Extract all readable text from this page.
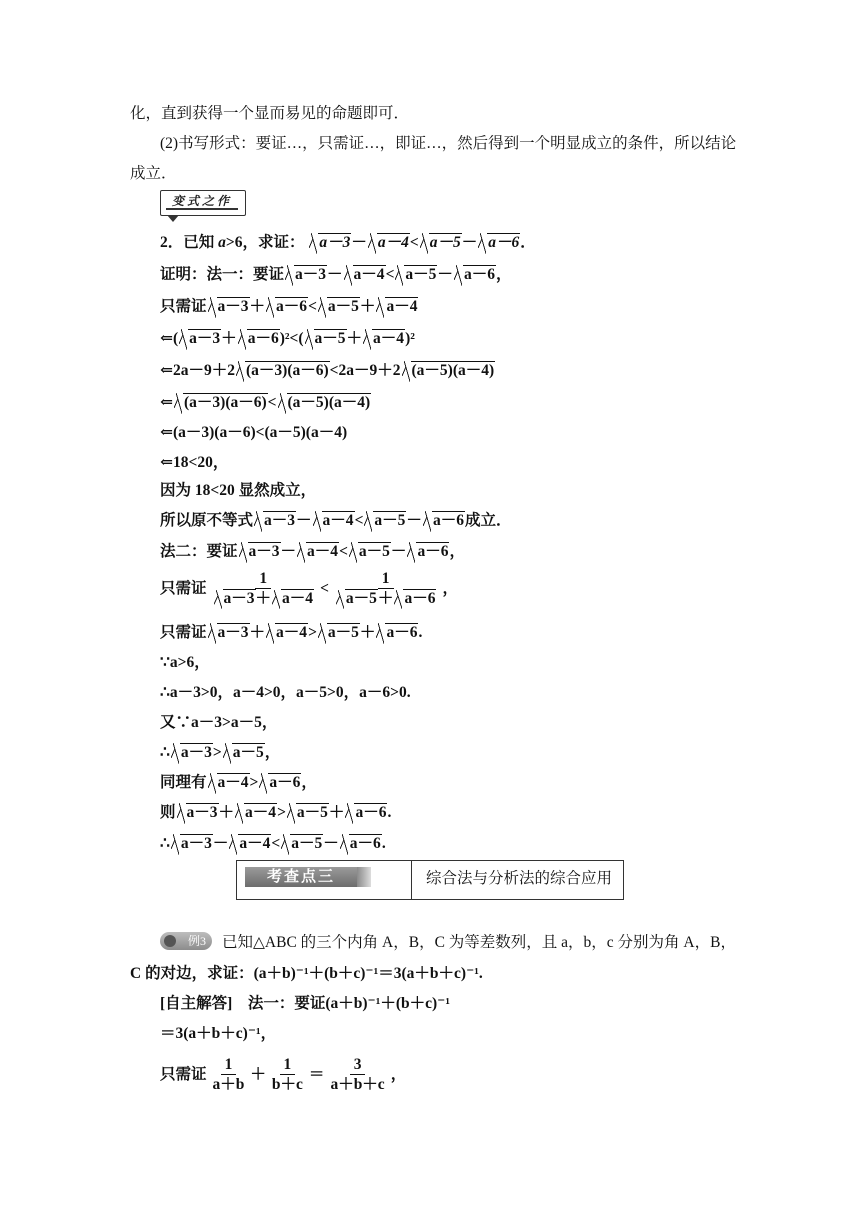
化，直到获得一个显而易见的命题即可．
(2)书写形式：要证…，只需证…，即证…，然后得到一个明显成立的条件，所以结论
成立．
变式之作
2．已知 a>6，求证： a－3－ a－4< a－5－ a－6．
证明：法一：要证 a－3－ a－4< a－5－ a－6，
只需证 a－3＋ a－6< a－5＋ a－4
⇐( a－3＋ a－6)²<( a－5＋ a－4)²
⇐2a－9＋2 (a－3)(a－6)<2a－9＋2 (a－5)(a－4)
⇐ (a－3)(a－6)< (a－5)(a－4)
⇐(a－3)(a－6)<(a－5)(a－4)
⇐18<20，
因为 18<20 显然成立，
所以原不等式 a－3－ a－4< a－5－ a－6成立．
法二：要证 a－3－ a－4< a－5－ a－6，
只需证 $\frac{1}{a-3+ a-4} < \frac{1}{a-5+ a-6}$ ，
只需证 a－3＋ a－4> a－5＋ a－6.
∵a>6，
∴a－3>0，a－4>0，a－5>0，a－6>0.
又∵a－3>a－5，
∴ a－3> a－5，
同理有 a－4> a－6，
则 a－3＋ a－4> a－5＋ a－6.
∴ a－3－ a－4< a－5－ a－6.
考查点三	综合法与分析法的综合应用
例3	已知△ABC 的三个内角 A，B，C 为等差数列，且 a，b，c 分别为角 A，B，
C 的对边，求证：(a＋b)⁻¹＋(b＋c)⁻¹＝3(a＋b＋c)⁻¹.
[自主解答]　法一：要证(a＋b)⁻¹＋(b＋c)⁻¹
＝3(a＋b＋c)⁻¹，
只需证 $\frac{1}{a+b} + \frac{1}{b+c} = \frac{3}{a+b+c}$ ，
